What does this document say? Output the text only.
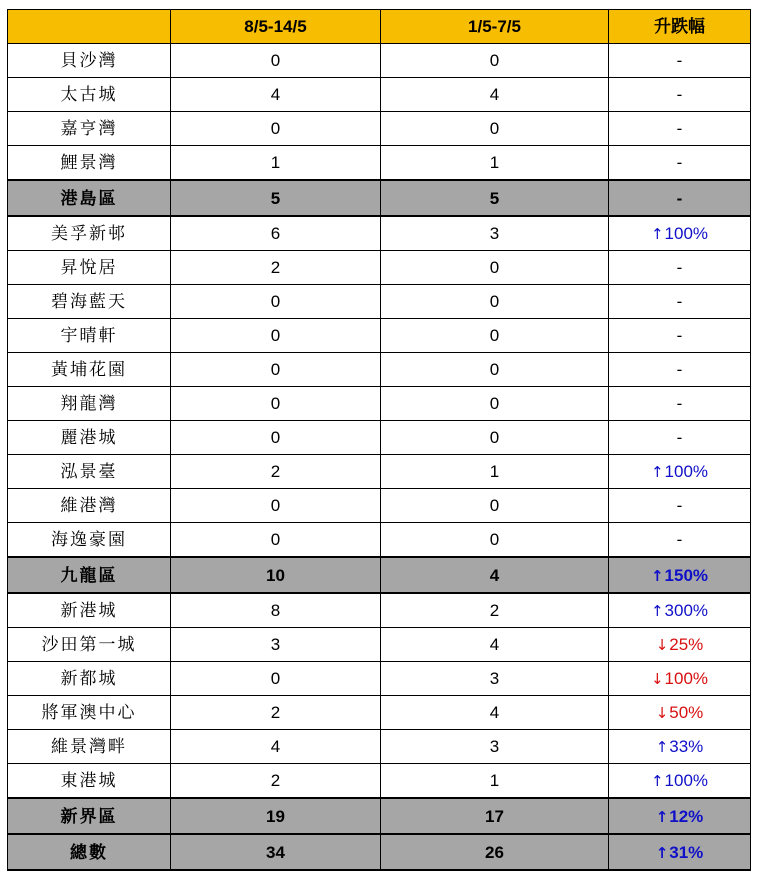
	8/5-14/5	1/5-7/5	升跌幅
貝沙灣	0	0	-
太古城	4	4	-
嘉亨灣	0	0	-
鯉景灣	1	1	-
港島區	5	5	-
美孚新邨	6	3	↑100%
昇悅居	2	0	-
碧海藍天	0	0	-
宇晴軒	0	0	-
黃埔花園	0	0	-
翔龍灣	0	0	-
麗港城	0	0	-
泓景臺	2	1	↑100%
維港灣	0	0	-
海逸豪園	0	0	-
九龍區	10	4	↑150%
新港城	8	2	↑300%
沙田第一城	3	4	↓25%
新都城	0	3	↓100%
將軍澳中心	2	4	↓50%
維景灣畔	4	3	↑33%
東港城	2	1	↑100%
新界區	19	17	↑12%
總數	34	26	↑31%
